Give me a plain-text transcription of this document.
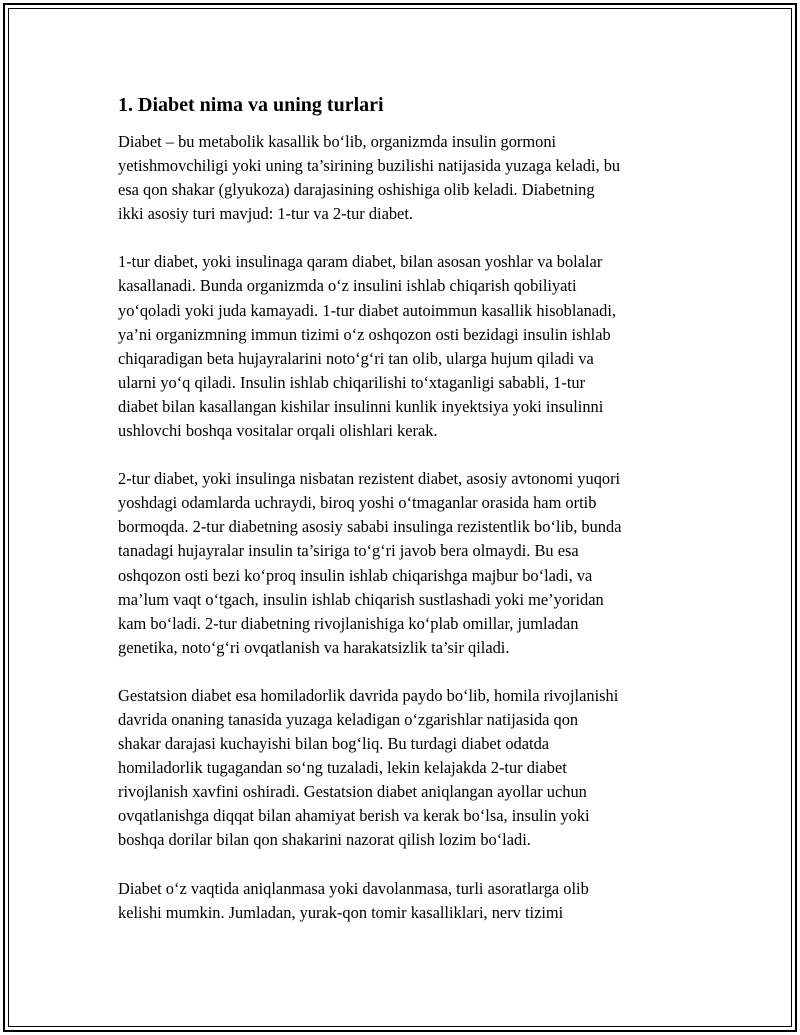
1. Diabet nima va uning turlari

Diabet – bu metabolik kasallik bo‘lib, organizmda insulin gormoni
yetishmovchiligi yoki uning ta’sirining buzilishi natijasida yuzaga keladi, bu
esa qon shakar (glyukoza) darajasining oshishiga olib keladi. Diabetning
ikki asosiy turi mavjud: 1-tur va 2-tur diabet.

1-tur diabet, yoki insulinaga qaram diabet, bilan asosan yoshlar va bolalar
kasallanadi. Bunda organizmda o‘z insulini ishlab chiqarish qobiliyati
yo‘qoladi yoki juda kamayadi. 1-tur diabet autoimmun kasallik hisoblanadi,
ya’ni organizmning immun tizimi o‘z oshqozon osti bezidagi insulin ishlab
chiqaradigan beta hujayralarini noto‘g‘ri tan olib, ularga hujum qiladi va
ularni yo‘q qiladi. Insulin ishlab chiqarilishi to‘xtaganligi sababli, 1-tur
diabet bilan kasallangan kishilar insulinni kunlik inyektsiya yoki insulinni
ushlovchi boshqa vositalar orqali olishlari kerak.

2-tur diabet, yoki insulinga nisbatan rezistent diabet, asosiy avtonomi yuqori
yoshdagi odamlarda uchraydi, biroq yoshi o‘tmaganlar orasida ham ortib
bormoqda. 2-tur diabetning asosiy sababi insulinga rezistentlik bo‘lib, bunda
tanadagi hujayralar insulin ta’siriga to‘g‘ri javob bera olmaydi. Bu esa
oshqozon osti bezi ko‘proq insulin ishlab chiqarishga majbur bo‘ladi, va
ma’lum vaqt o‘tgach, insulin ishlab chiqarish sustlashadi yoki me’yoridan
kam bo‘ladi. 2-tur diabetning rivojlanishiga ko‘plab omillar, jumladan
genetika, noto‘g‘ri ovqatlanish va harakatsizlik ta’sir qiladi.

Gestatsion diabet esa homiladorlik davrida paydo bo‘lib, homila rivojlanishi
davrida onaning tanasida yuzaga keladigan o‘zgarishlar natijasida qon
shakar darajasi kuchayishi bilan bog‘liq. Bu turdagi diabet odatda
homiladorlik tugagandan so‘ng tuzaladi, lekin kelajakda 2-tur diabet
rivojlanish xavfini oshiradi. Gestatsion diabet aniqlangan ayollar uchun
ovqatlanishga diqqat bilan ahamiyat berish va kerak bo‘lsa, insulin yoki
boshqa dorilar bilan qon shakarini nazorat qilish lozim bo‘ladi.

Diabet o‘z vaqtida aniqlanmasa yoki davolanmasa, turli asoratlarga olib
kelishi mumkin. Jumladan, yurak-qon tomir kasalliklari, nerv tizimi
